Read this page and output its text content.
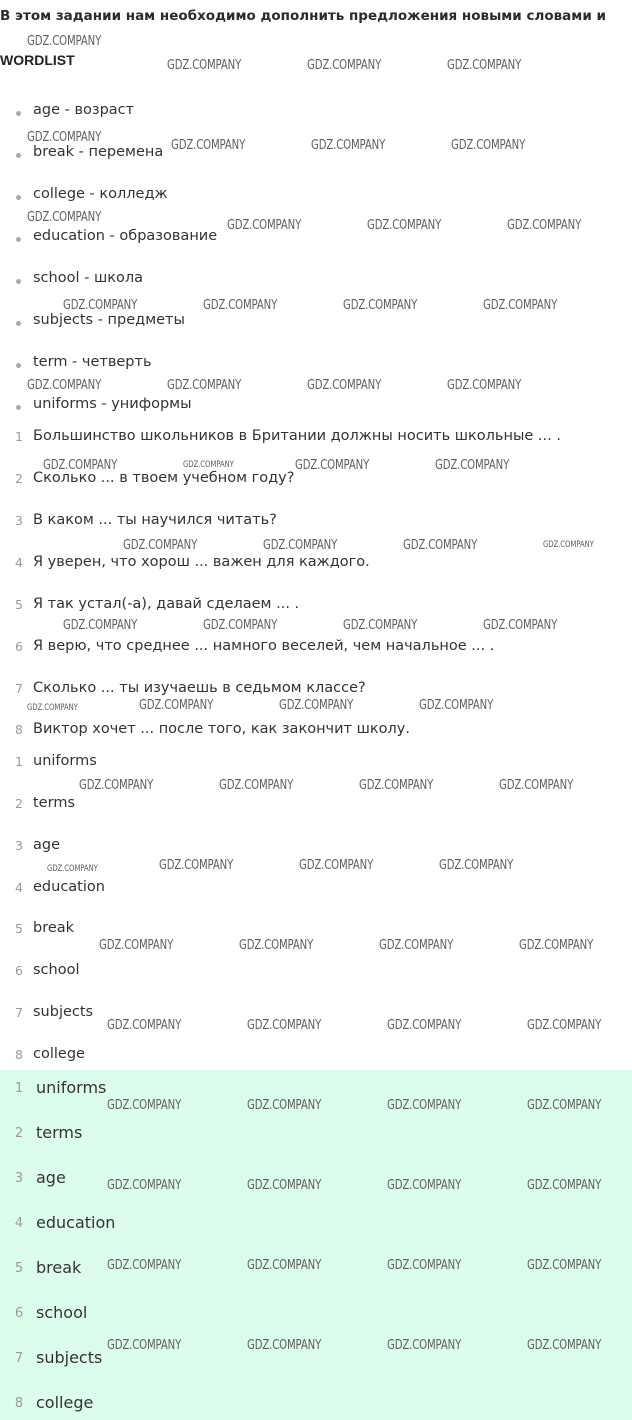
В этом задании нам необходимо дополнить предложения новыми словами и
WORDLIST
age - возраст
break - перемена
college - колледж
education - образование
school - школа
subjects - предметы
term - четверть
uniforms - униформы
1 Большинство школьников в Британии должны носить школьные ... .
2 Сколько ... в твоем учебном году?
3 В каком ... ты научился читать?
4 Я уверен, что хорош ... важен для каждого.
5 Я так устал(-а), давай сделаем ... .
6 Я верю, что среднее ... намного веселей, чем начальное ... .
7 Сколько ... ты изучаешь в седьмом классе?
8 Виктор хочет ... после того, как закончит школу.
1 uniforms
2 terms
3 age
4 education
5 break
6 school
7 subjects
8 college
1 uniforms
2 terms
3 age
4 education
5 break
6 school
7 subjects
8 college
GDZ.COMPANY
GDZ.COMPANY	GDZ.COMPANY	GDZ.COMPANY
GDZ.COMPANY
GDZ.COMPANY	GDZ.COMPANY	GDZ.COMPANY
GDZ.COMPANY
GDZ.COMPANY	GDZ.COMPANY	GDZ.COMPANY
GDZ.COMPANY	GDZ.COMPANY	GDZ.COMPANY	GDZ.COMPANY
GDZ.COMPANY	GDZ.COMPANY	GDZ.COMPANY	GDZ.COMPANY
GDZ.COMPANY	GDZ.COMPANY	GDZ.COMPANY
GDZ.COMPANY	GDZ.COMPANY	GDZ.COMPANY
GDZ.COMPANY	GDZ.COMPANY	GDZ.COMPANY	GDZ.COMPANY
GDZ.COMPANY	GDZ.COMPANY	GDZ.COMPANY
GDZ.COMPANY	GDZ.COMPANY	GDZ.COMPANY	GDZ.COMPANY
GDZ.COMPANY	GDZ.COMPANY	GDZ.COMPANY
GDZ.COMPANY	GDZ.COMPANY	GDZ.COMPANY	GDZ.COMPANY
GDZ.COMPANY	GDZ.COMPANY	GDZ.COMPANY	GDZ.COMPANY
GDZ.COMPANY	GDZ.COMPANY	GDZ.COMPANY	GDZ.COMPANY
GDZ.COMPANY	GDZ.COMPANY	GDZ.COMPANY	GDZ.COMPANY
GDZ.COMPANY	GDZ.COMPANY	GDZ.COMPANY	GDZ.COMPANY
GDZ.COMPANY	GDZ.COMPANY	GDZ.COMPANY	GDZ.COMPANY
GDZ.COMPANY
GDZ.COMPANY
GDZ.COMPANY
GDZ.COMPANY
